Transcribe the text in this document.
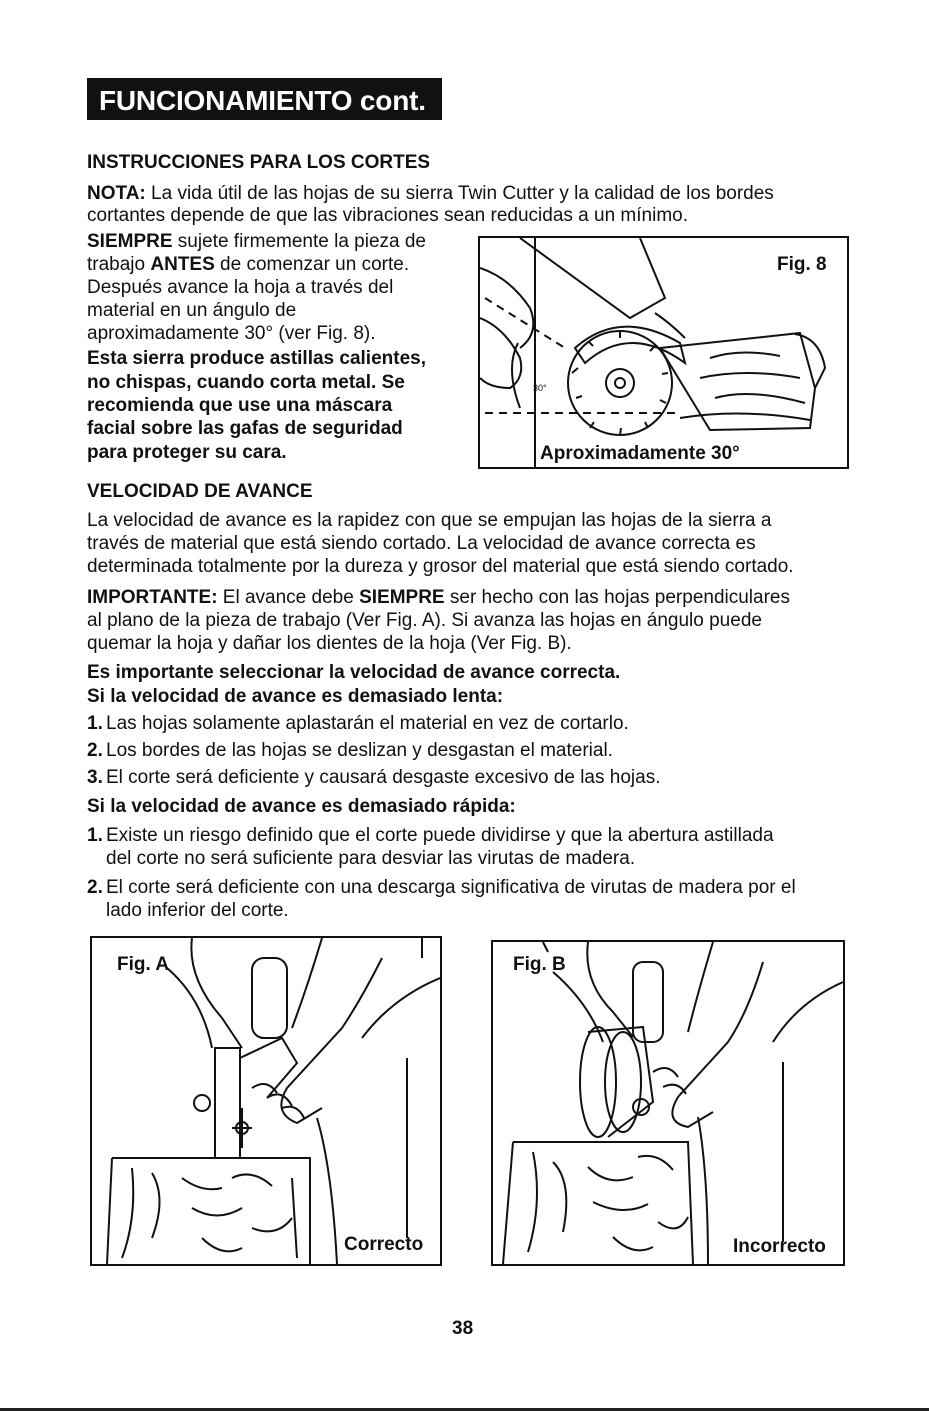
FUNCIONAMIENTO cont.
INSTRUCCIONES PARA LOS CORTES
NOTA: La vida útil de las hojas de su sierra Twin Cutter y la calidad de los bordes
cortantes depende de que las vibraciones sean reducidas a un mínimo.
SIEMPRE sujete firmemente la pieza de
trabajo ANTES de comenzar un corte.
Después avance la hoja a través del
material en un ángulo de
aproximadamente 30° (ver Fig. 8).
Esta sierra produce astillas calientes,
no chispas, cuando corta metal. Se
recomienda que use una máscara
facial sobre las gafas de seguridad
para proteger su cara.
30°
Fig. 8
Aproximadamente 30°
VELOCIDAD DE AVANCE
La velocidad de avance es la rapidez con que se empujan las hojas de la sierra a
través de material que está siendo cortado. La velocidad de avance correcta es
determinada totalmente por la dureza y grosor del material que está siendo cortado.
IMPORTANTE: El avance debe SIEMPRE ser hecho con las hojas perpendiculares
al plano de la pieza de trabajo (Ver Fig. A). Si avanza las hojas en ángulo puede
quemar la hoja y dañar los dientes de la hoja (Ver Fig. B).
Es importante seleccionar la velocidad de avance correcta.
Si la velocidad de avance es demasiado lenta:
1. Las hojas solamente aplastarán el material en vez de cortarlo.
2. Los bordes de las hojas se deslizan y desgastan el material.
3. El corte será deficiente y causará desgaste excesivo de las hojas.
Si la velocidad de avance es demasiado rápida:
1. Existe un riesgo definido que el corte puede dividirse y que la abertura astillada
del corte no será suficiente para desviar las virutas de madera.
2. El corte será deficiente con una descarga significativa de virutas de madera por el
lado inferior del corte.
Fig. A
Correcto
Fig. B
Incorrecto
38
